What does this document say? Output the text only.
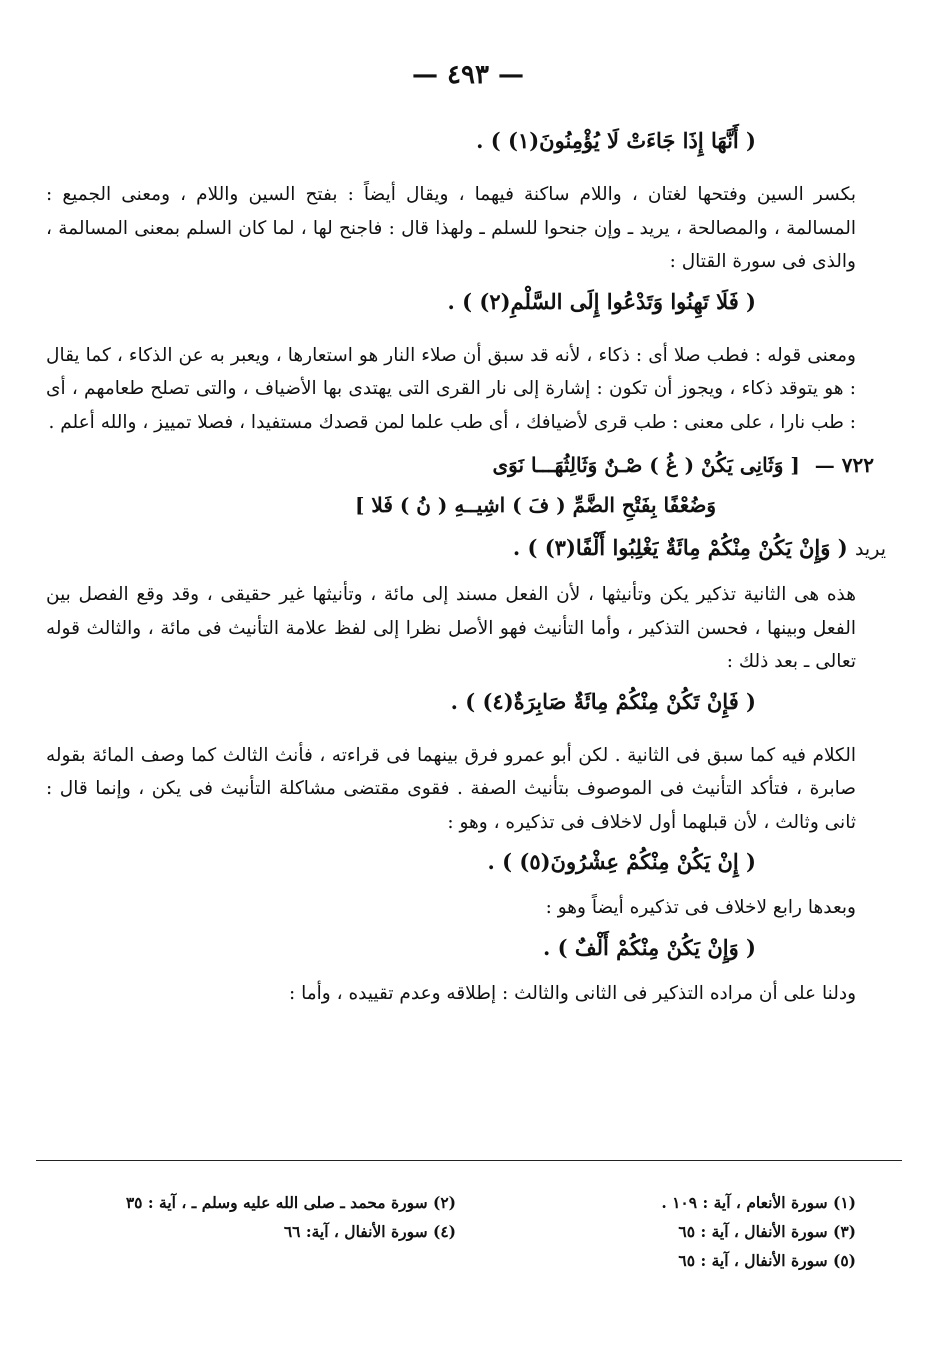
— ٤٩٣ —
( أَنَّهَا إِذَا جَاءَتْ لَا يُؤْمِنُونَ(١) ) .

بكسر السين وفتحها لغتان ، واللام ساكنة فيهما ، ويقال أيضاً : بفتح السين واللام ، ومعنى الجميع : المسالمة ، والمصالحة ، يريد ـ وإن جنحوا للسلم ـ ولهذا قال : فاجنح لها ، لما كان السلم بمعنى المسالمة ، والذى فى سورة القتال :

( فَلَا تَهِنُوا وَتَدْعُوا إِلَى السَّلْمِ(٢) ) .

ومعنى قوله : فطب صلا أى : ذكاء ، لأنه قد سبق أن صلاء النار هو استعارها ، ويعبر به عن الذكاء ، كما يقال : هو يتوقد ذكاء ، ويجوز أن تكون : إشارة إلى نار القرى التى يهتدى بها الأضياف ، والتى تصلح طعامهم ، أى : طب نارا ، على معنى : طب قرى لأضيافك ، أى طب علما لمن قصدك مستفيدا ، فصلا تمييز ، والله أعلم .

٧٢٢ — [ وَثَانِى يَكُنْ ( غُ ) صْـنٌ وَثَالِثُهَـــا نَوَى
وَضُعْفًا بِفَتْحِ الضَّمِّ ( فَ ) اشِيــهِ ( نُ ) فَلا ]
يريد ( وَإِنْ يَكُنْ مِنْكُمْ مِائَةٌ يَغْلِبُوا أَلْفًا(٣) ) .

هذه هى الثانية تذكير يكن وتأنيثها ، لأن الفعل مسند إلى مائة ، وتأنيثها غير حقيقى ، وقد وقع الفصل بين الفعل وبينها ، فحسن التذكير ، وأما التأنيث فهو الأصل نظرا إلى لفظ علامة التأنيث فى مائة ، والثالث قوله تعالى ـ بعد ذلك :

( فَإِنْ تَكُنْ مِنْكُمْ مِائَةٌ صَابِرَةٌ(٤) ) .

الكلام فيه كما سبق فى الثانية . لكن أبو عمرو فرق بينهما فى قراءته ، فأنث الثالث كما وصف المائة بقوله صابرة ، فتأكد التأنيث فى الموصوف بتأنيث الصفة . فقوى مقتضى مشاكلة التأنيث فى يكن ، وإنما قال : ثانى وثالث ، لأن قبلهما أول لاخلاف فى تذكيره ، وهو :

( إِنْ يَكُنْ مِنْكُمْ عِشْرُونَ(٥) ) .

وبعدها رابع لاخلاف فى تذكيره أيضاً وهو :

( وَإِنْ يَكُنْ مِنْكُمْ أَلْفٌ ) .

ودلنا على أن مراده التذكير فى الثانى والثالث : إطلاقه وعدم تقييده ، وأما :

(١) سورة الأنعام ، آية : ١٠٩ .
(٢) سورة محمد ـ صلى الله عليه وسلم ـ ، آية : ٣٥
(٣) سورة الأنفال ، آية : ٦٥
(٤) سورة الأنفال ، آية: ٦٦
(٥) سورة الأنفال ، آية : ٦٥
